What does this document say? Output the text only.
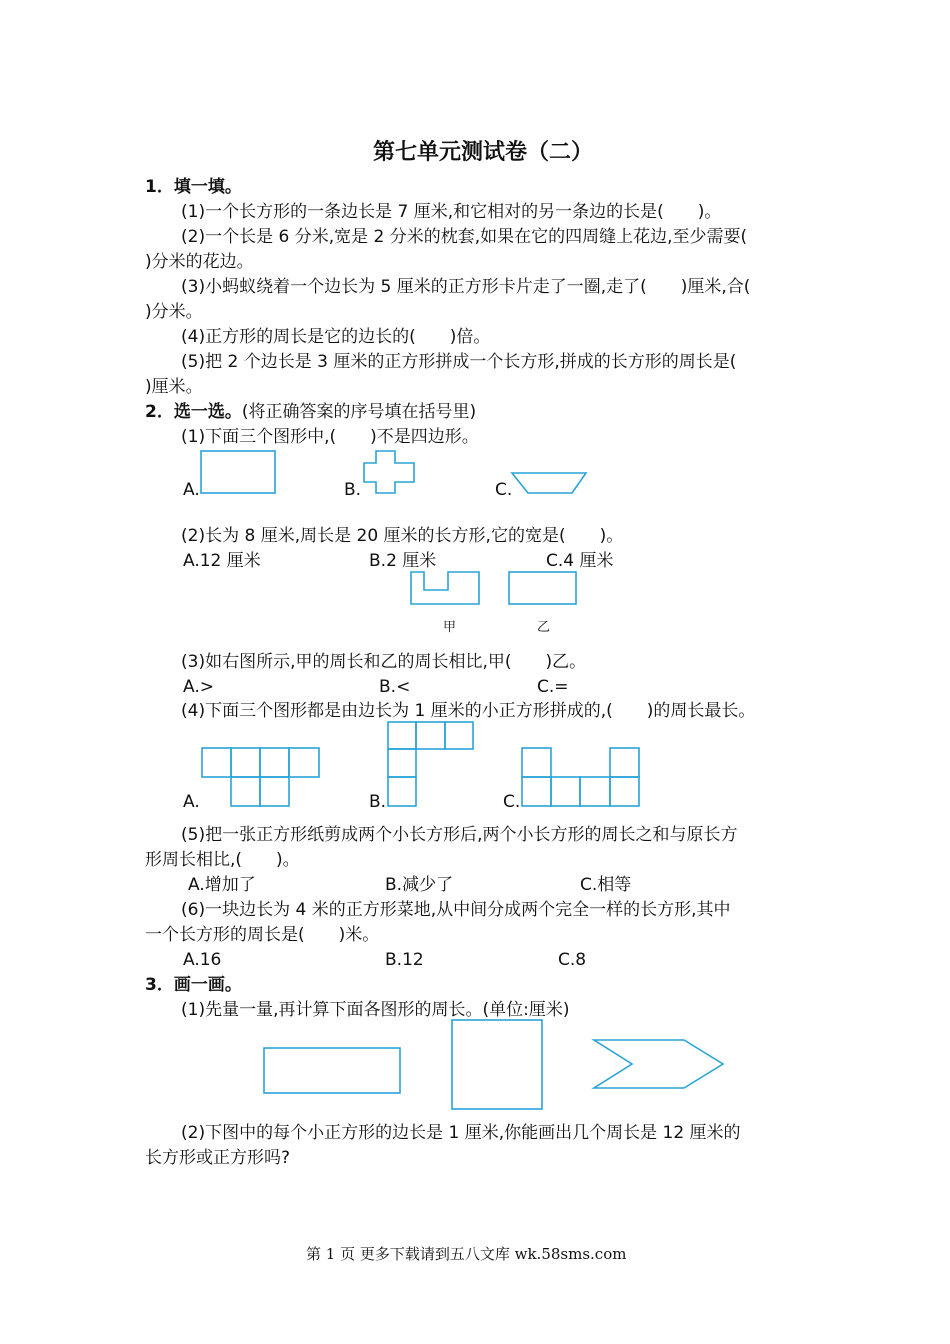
第七单元测试卷（二）
1．填一填。
(1)一个长方形的一条边长是 7 厘米,和它相对的另一条边的长是(　　)。
(2)一个长是 6 分米,宽是 2 分米的枕套,如果在它的四周缝上花边,至少需要(
)分米的花边。
(3)小蚂蚁绕着一个边长为 5 厘米的正方形卡片走了一圈,走了(　　)厘米,合(
)分米。
(4)正方形的周长是它的边长的(　　)倍。
(5)把 2 个边长是 3 厘米的正方形拼成一个长方形,拼成的长方形的周长是(
)厘米。
2．选一选。(将正确答案的序号填在括号里)
(1)下面三个图形中,(　　)不是四边形。
A.	B.	C.
(2)长为 8 厘米,周长是 20 厘米的长方形,它的宽是(　　)。
A.12 厘米	B.2 厘米	C.4 厘米
甲	乙
(3)如右图所示,甲的周长和乙的周长相比,甲(　　)乙。
A.>	B.<	C.=
(4)下面三个图形都是由边长为 1 厘米的小正方形拼成的,(　　)的周长最长。
A.	B.	C.
(5)把一张正方形纸剪成两个小长方形后,两个小长方形的周长之和与原长方
形周长相比,(　　)。
A.增加了	B.减少了	C.相等
(6)一块边长为 4 米的正方形菜地,从中间分成两个完全一样的长方形,其中
一个长方形的周长是(　　)米。
A.16	B.12	C.8
3．画一画。
(1)先量一量,再计算下面各图形的周长。(单位:厘米)
(2)下图中的每个小正方形的边长是 1 厘米,你能画出几个周长是 12 厘米的
长方形或正方形吗?
第 1 页 更多下载请到五八文库 wk.58sms.com
